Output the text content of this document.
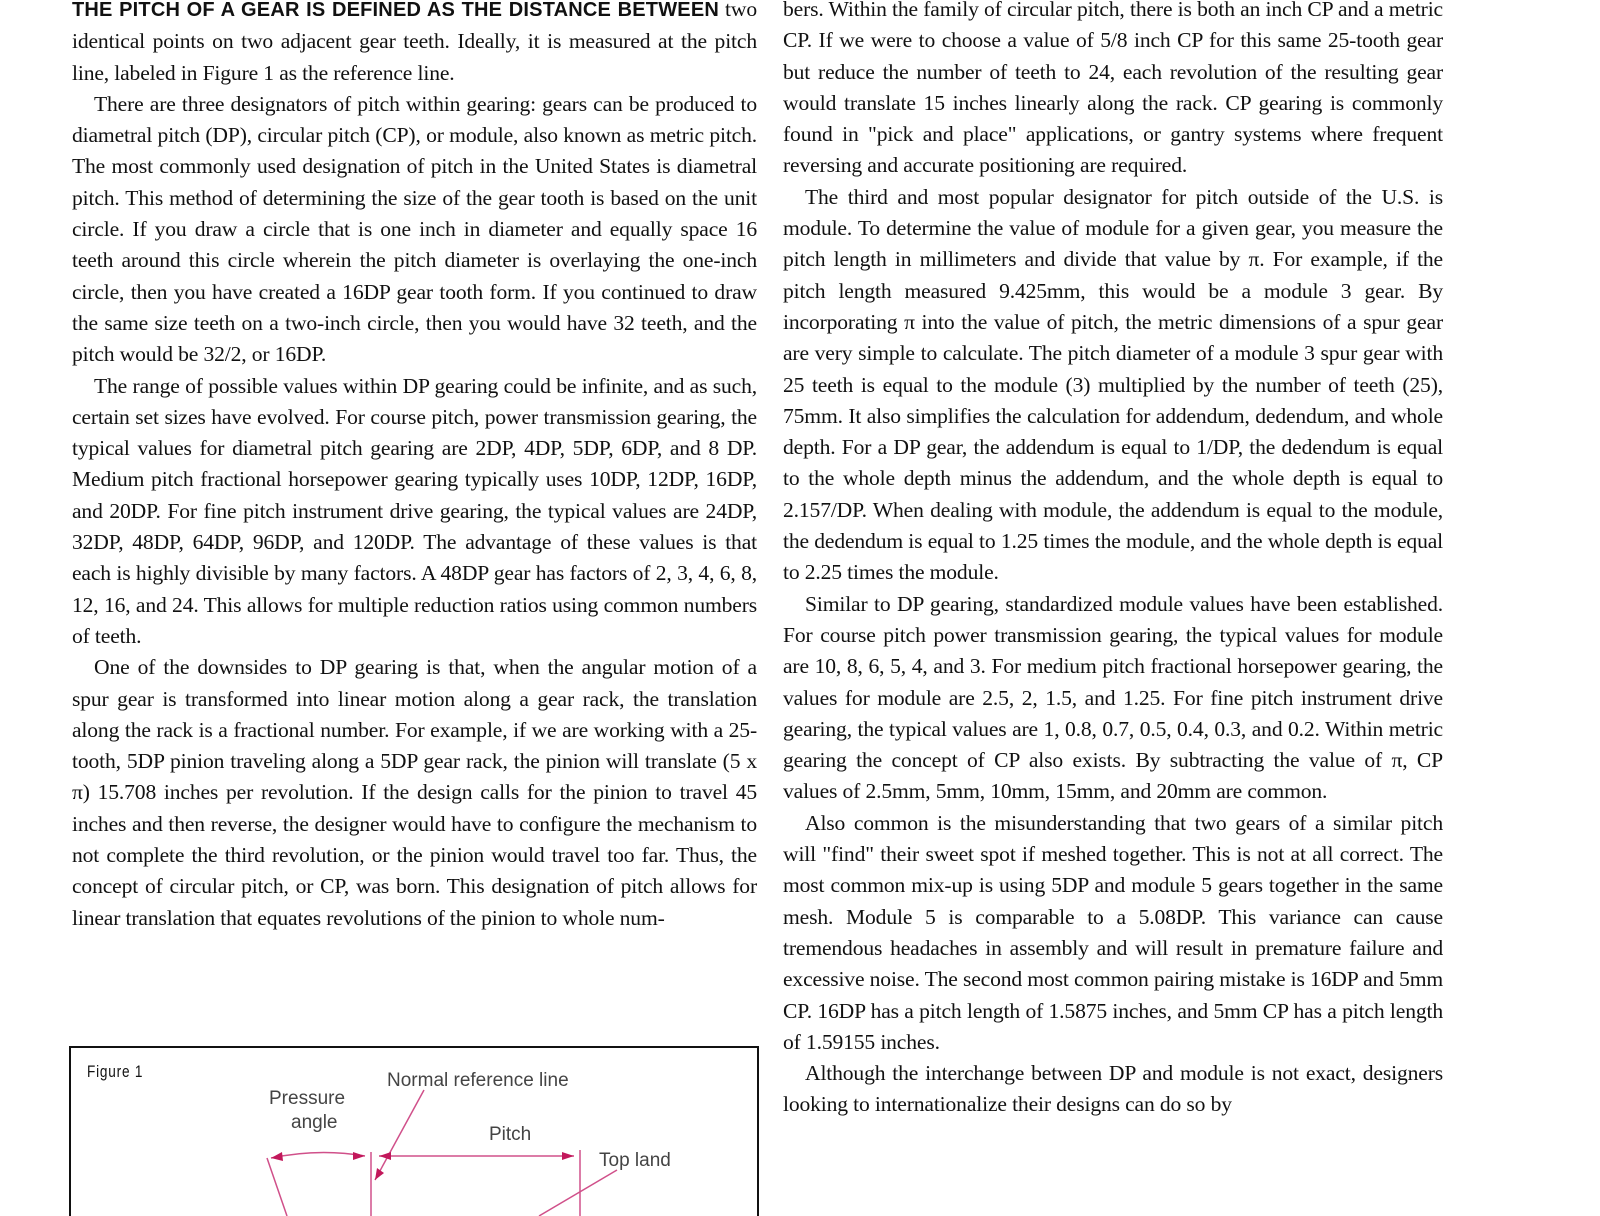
THE PITCH OF A GEAR IS DEFINED AS THE DISTANCE BETWEEN two identical points on two adjacent gear teeth. Ideally, it is measured at the pitch line, labeled in Figure 1 as the reference line.

There are three designators of pitch within gearing: gears can be produced to diametral pitch (DP), circular pitch (CP), or module, also known as metric pitch. The most commonly used designation of pitch in the United States is diametral pitch. This method of determining the size of the gear tooth is based on the unit circle. If you draw a circle that is one inch in diameter and equally space 16 teeth around this circle wherein the pitch diameter is overlaying the one-inch circle, then you have created a 16DP gear tooth form. If you continued to draw the same size teeth on a two-inch circle, then you would have 32 teeth, and the pitch would be 32/2, or 16DP.

The range of possible values within DP gearing could be infinite, and as such, certain set sizes have evolved. For course pitch, power transmission gearing, the typical values for diametral pitch gearing are 2DP, 4DP, 5DP, 6DP, and 8 DP. Medium pitch fractional horsepower gearing typically uses 10DP, 12DP, 16DP, and 20DP. For fine pitch instrument drive gearing, the typical values are 24DP, 32DP, 48DP, 64DP, 96DP, and 120DP. The advantage of these values is that each is highly divisible by many factors. A 48DP gear has factors of 2, 3, 4, 6, 8, 12, 16, and 24. This allows for multiple reduction ratios using common numbers of teeth.

One of the downsides to DP gearing is that, when the angular motion of a spur gear is transformed into linear motion along a gear rack, the translation along the rack is a fractional number. For example, if we are working with a 25-tooth, 5DP pinion traveling along a 5DP gear rack, the pinion will translate (5 x π) 15.708 inches per revolution. If the design calls for the pinion to travel 45 inches and then reverse, the designer would have to configure the mechanism to not complete the third revolution, or the pinion would travel too far. Thus, the concept of circular pitch, or CP, was born. This designation of pitch allows for linear translation that equates revolutions of the pinion to whole num-

bers. Within the family of circular pitch, there is both an inch CP and a metric CP. If we were to choose a value of 5/8 inch CP for this same 25-tooth gear but reduce the number of teeth to 24, each revolution of the resulting gear would translate 15 inches linearly along the rack. CP gearing is commonly found in "pick and place" applications, or gantry systems where frequent reversing and accurate positioning are required.

The third and most popular designator for pitch outside of the U.S. is module. To determine the value of module for a given gear, you measure the pitch length in millimeters and divide that value by π. For example, if the pitch length measured 9.425mm, this would be a module 3 gear. By incorporating π into the value of pitch, the metric dimensions of a spur gear are very simple to calculate. The pitch diameter of a module 3 spur gear with 25 teeth is equal to the module (3) multiplied by the number of teeth (25), 75mm. It also simplifies the calculation for addendum, dedendum, and whole depth. For a DP gear, the addendum is equal to 1/DP, the dedendum is equal to the whole depth minus the addendum, and the whole depth is equal to 2.157/DP. When dealing with module, the addendum is equal to the module, the dedendum is equal to 1.25 times the module, and the whole depth is equal to 2.25 times the module.

Similar to DP gearing, standardized module values have been established. For course pitch power transmission gearing, the typical values for module are 10, 8, 6, 5, 4, and 3. For medium pitch fractional horsepower gearing, the values for module are 2.5, 2, 1.5, and 1.25. For fine pitch instrument drive gearing, the typical values are 1, 0.8, 0.7, 0.5, 0.4, 0.3, and 0.2. Within metric gearing the concept of CP also exists. By subtracting the value of π, CP values of 2.5mm, 5mm, 10mm, 15mm, and 20mm are common.

Also common is the misunderstanding that two gears of a similar pitch will "find" their sweet spot if meshed together. This is not at all correct. The most common mix-up is using 5DP and module 5 gears together in the same mesh. Module 5 is comparable to a 5.08DP. This variance can cause tremendous headaches in assembly and will result in premature failure and excessive noise. The second most common pairing mistake is 16DP and 5mm CP. 16DP has a pitch length of 1.5875 inches, and 5mm CP has a pitch length of 1.59155 inches.

Although the interchange between DP and module is not exact, designers looking to internationalize their designs can do so by

Figure 1
Pressure
angle
Normal reference line
Pitch
Top land
